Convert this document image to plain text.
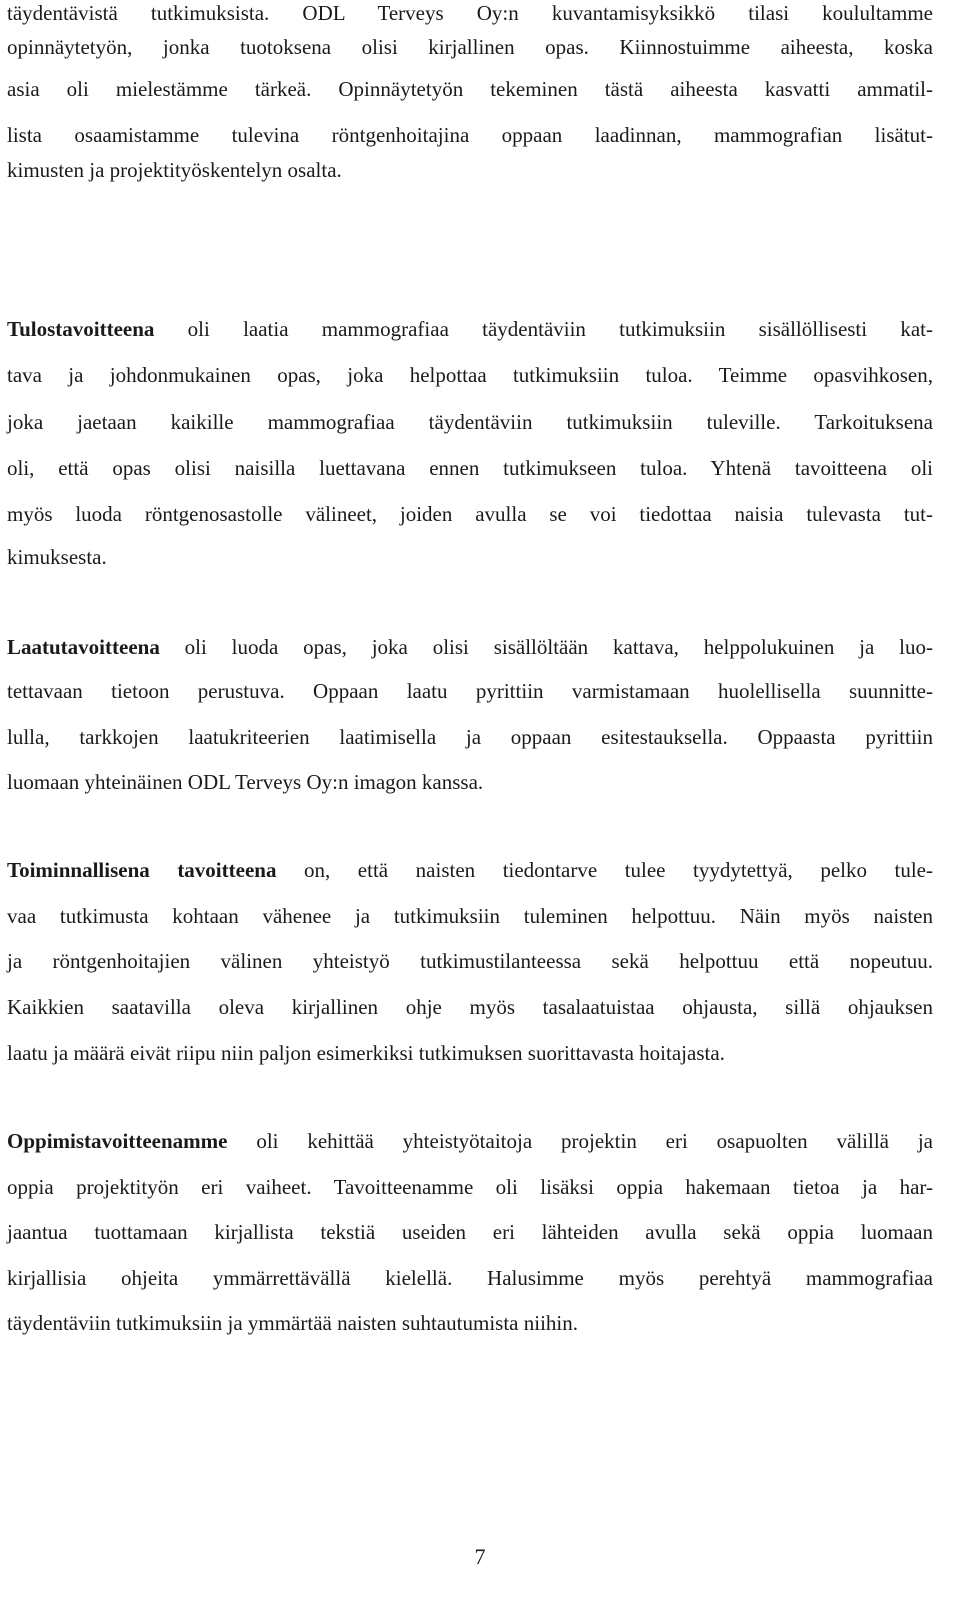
täydentävistä tutkimuksista. ODL Terveys Oy:n kuvantamisyksikkö tilasi koulultamme
opinnäytetyön, jonka tuotoksena olisi kirjallinen opas. Kiinnostuimme aiheesta, koska
asia oli mielestämme tärkeä. Opinnäytetyön tekeminen tästä aiheesta kasvatti ammatil-
lista osaamistamme tulevina röntgenhoitajina oppaan laadinnan, mammografian lisätut-
kimusten ja projektityöskentelyn osalta.
Tulostavoitteena oli laatia mammografiaa täydentäviin tutkimuksiin sisällöllisesti kat-
tava ja johdonmukainen opas, joka helpottaa tutkimuksiin tuloa. Teimme opasvihkosen,
joka jaetaan kaikille mammografiaa täydentäviin tutkimuksiin tuleville. Tarkoituksena
oli, että opas olisi naisilla luettavana ennen tutkimukseen tuloa. Yhtenä tavoitteena oli
myös luoda röntgenosastolle välineet, joiden avulla se voi tiedottaa naisia tulevasta tut-
kimuksesta.
Laatutavoitteena oli luoda opas, joka olisi sisällöltään kattava, helppolukuinen ja luo-
tettavaan tietoon perustuva. Oppaan laatu pyrittiin varmistamaan huolellisella suunnitte-
lulla, tarkkojen laatukriteerien laatimisella ja oppaan esitestauksella. Oppaasta pyrittiin
luomaan yhteinäinen ODL Terveys Oy:n imagon kanssa.
Toiminnallisena tavoitteena on, että naisten tiedontarve tulee tyydytettyä, pelko tule-
vaa tutkimusta kohtaan vähenee ja tutkimuksiin tuleminen helpottuu. Näin myös naisten
ja röntgenhoitajien välinen yhteistyö tutkimustilanteessa sekä helpottuu että nopeutuu.
Kaikkien saatavilla oleva kirjallinen ohje myös tasalaatuistaa ohjausta, sillä ohjauksen
laatu ja määrä eivät riipu niin paljon esimerkiksi tutkimuksen suorittavasta hoitajasta.
Oppimistavoitteenamme oli kehittää yhteistyötaitoja projektin eri osapuolten välillä ja
oppia projektityön eri vaiheet. Tavoitteenamme oli lisäksi oppia hakemaan tietoa ja har-
jaantua tuottamaan kirjallista tekstiä useiden eri lähteiden avulla sekä oppia luomaan
kirjallisia ohjeita ymmärrettävällä kielellä. Halusimme myös perehtyä mammografiaa
täydentäviin tutkimuksiin ja ymmärtää naisten suhtautumista niihin.
7
